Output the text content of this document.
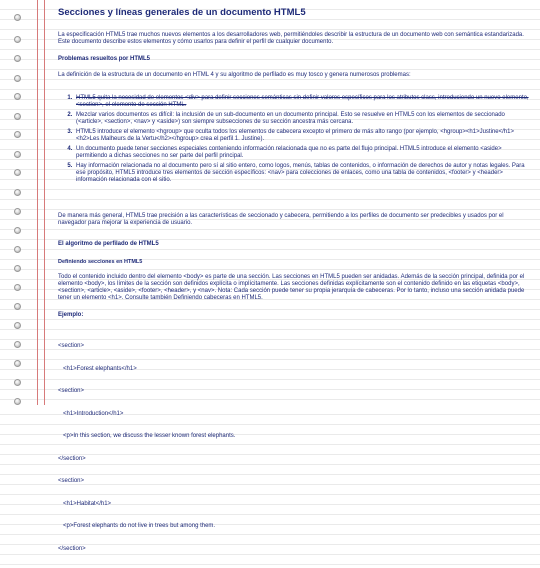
Secciones y líneas generales de un documento HTML5
La especificación HTML5 trae muchos nuevos elementos a los desarrolladores web, permitiéndoles describir la estructura de un documento web con semántica estandarizada. Este documento describe estos elementos y cómo usarlos para definir el perfil de cualquier documento.
Problemas resueltos por HTML5
La definición de la estructura de un documento en HTML 4 y su algoritmo de perfilado es muy tosco y genera numerosos problemas:
1. HTML5 quita la necesidad de elementos <div> para definir secciones semánticas sin definir valores específicos para los atributos class, introduciendo un nuevo elemento, <section>, el elemento de sección HTML.
2. Mezclar varios documentos es difícil: la inclusión de un sub-documento en un documento principal. Esto se resuelve en HTML5 con los elementos de seccionado (<article>, <section>, <nav> y <aside>) son siempre subsecciones de su sección ancestra más cercana.
3. HTML5 introduce el elemento <hgroup> que oculta todos los elementos de cabecera excepto el primero de más alto rango (por ejemplo, <hgroup><h1>Justine</h1><h2>Les Malheurs de la Vertu</h2></hgroup> crea el perfil 1. Justine).
4. Un documento puede tener secciones especiales conteniendo información relacionada que no es parte del flujo principal. HTML5 introduce el elemento <aside> permitiendo a dichas secciones no ser parte del perfil principal.
5. Hay información relacionada no al documento pero sí al sitio entero, como logos, menús, tablas de contenidos, o información de derechos de autor y notas legales. Para ese propósito, HTML5 introduce tres elementos de sección específicos: <nav> para colecciones de enlaces, como una tabla de contenidos, <footer> y <header> información relacionada con el sitio.
De manera más general, HTML5 trae precisión a las características de seccionado y cabecera, permitiendo a los perfiles de documento ser predecibles y usados por el navegador para mejorar la experiencia de usuario.
El algoritmo de perfilado de HTML5
Definiendo secciones en HTML5
Todo el contenido incluido dentro del elemento <body> es parte de una sección. Las secciones en HTML5 pueden ser anidadas. Además de la sección principal, definida por el elemento <body>, los límites de la sección son definidos explícita o implícitamente. Las secciones definidas explícitamente son el contenido definido en las etiquetas <body>, <section>, <article>, <aside>, <footer>, <header>, y <nav>. Nota: Cada sección puede tener su propia jerarquía de cabeceras. Por lo tanto, incluso una sección anidada puede tener un elemento <h1>. Consulte también Definiendo cabeceras en HTML5.
Ejemplo:

<section>

<h1>Forest elephants</h1>

<section>

<h1>Introduction</h1>

<p>In this section, we discuss the lesser known forest elephants.

</section>

<section>

<h1>Habitat</h1>

<p>Forest elephants do not live in trees but among them.

</section>
